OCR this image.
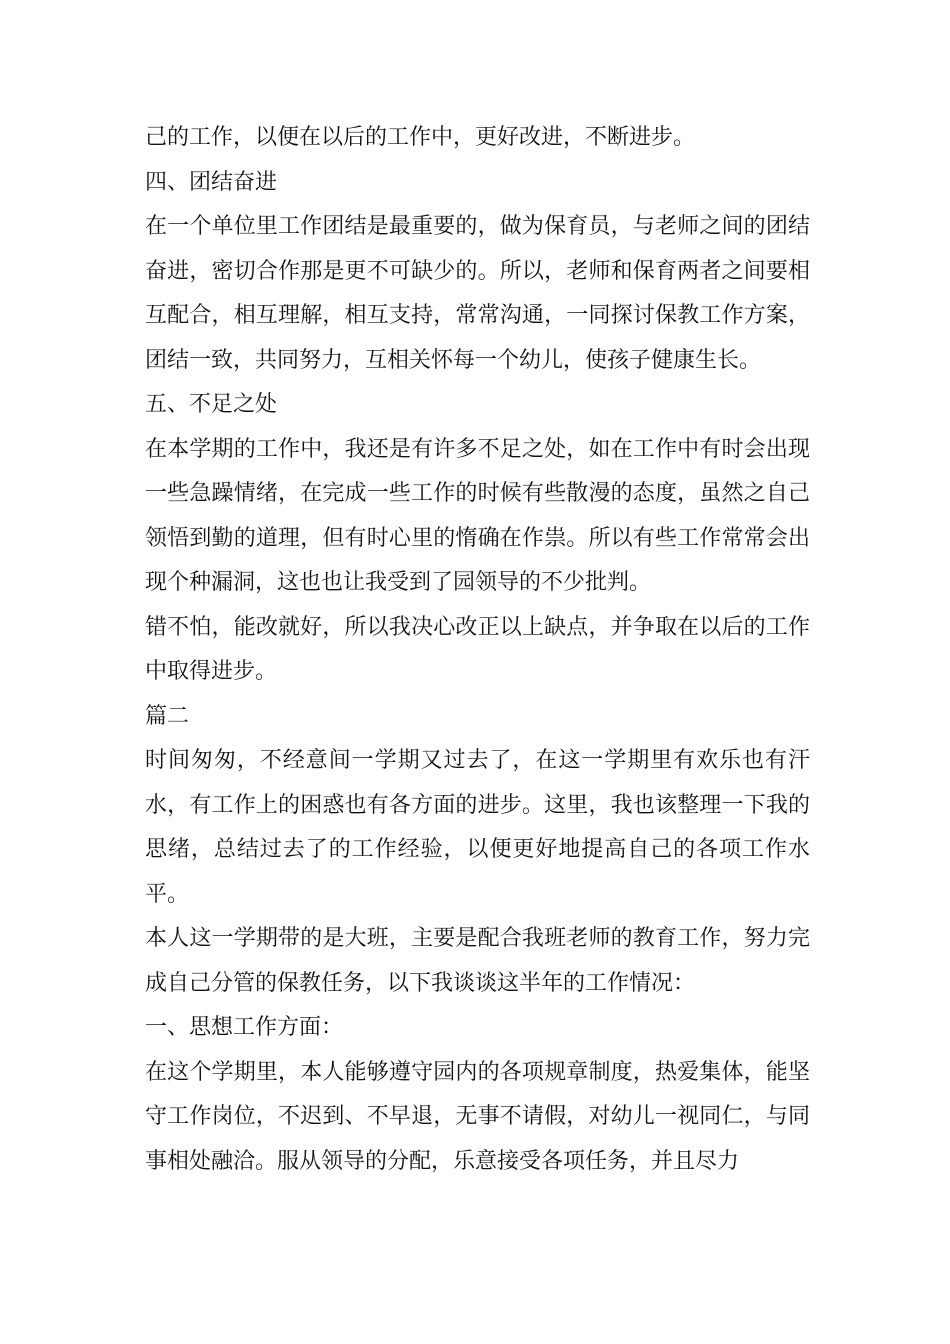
己的工作，以便在以后的工作中，更好改进，不断进步。

四、团结奋进

在一个单位里工作团结是最重要的，做为保育员，与老师之间的团结奋进，密切合作那是更不可缺少的。所以，老师和保育两者之间要相互配合，相互理解，相互支持，常常沟通，一同探讨保教工作方案，团结一致，共同努力，互相关怀每一个幼儿，使孩子健康生长。

五、不足之处

在本学期的工作中，我还是有许多不足之处，如在工作中有时会出现一些急躁情绪，在完成一些工作的时候有些散漫的态度，虽然之自己领悟到勤的道理，但有时心里的惰确在作祟。所以有些工作常常会出现个种漏洞，这也也让我受到了园领导的不少批判。

错不怕，能改就好，所以我决心改正以上缺点，并争取在以后的工作中取得进步。

篇二

时间匆匆，不经意间一学期又过去了，在这一学期里有欢乐也有汗水，有工作上的困惑也有各方面的进步。这里，我也该整理一下我的思绪，总结过去了的工作经验，以便更好地提高自己的各项工作水平。

本人这一学期带的是大班，主要是配合我班老师的教育工作，努力完成自己分管的保教任务，以下我谈谈这半年的工作情况：

一、思想工作方面：

在这个学期里，本人能够遵守园内的各项规章制度，热爱集体，能坚守工作岗位，不迟到、不早退，无事不请假，对幼儿一视同仁，与同事相处融洽。服从领导的分配，乐意接受各项任务，并且尽力
